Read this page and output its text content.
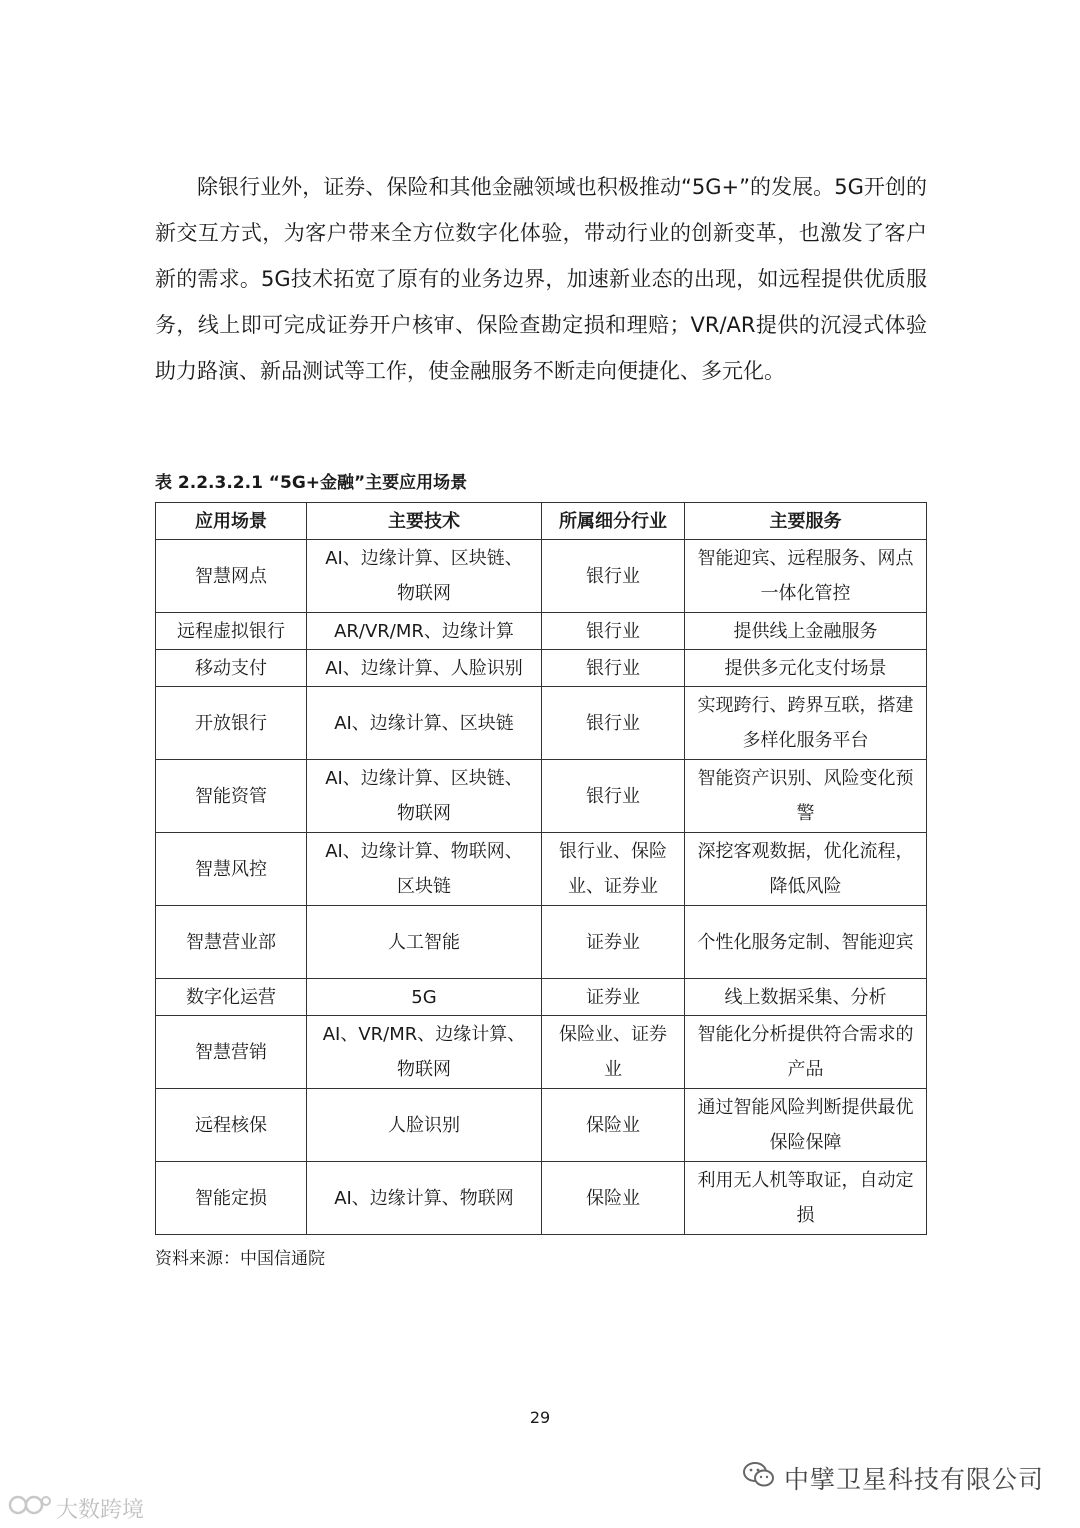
除银行业外，证券、保险和其他金融领域也积极推动“5G+”的发展。5G开创的新交互方式，为客户带来全方位数字化体验，带动行业的创新变革，也激发了客户新的需求。5G技术拓宽了原有的业务边界，加速新业态的出现，如远程提供优质服务，线上即可完成证券开户核审、保险查勘定损和理赔；VR/AR提供的沉浸式体验助力路演、新品测试等工作，使金融服务不断走向便捷化、多元化。

表 2.2.3.2.1 “5G+金融”主要应用场景
应用场景	主要技术	所属细分行业	主要服务
智慧网点	AI、边缘计算、区块链、物联网	银行业	智能迎宾、远程服务、网点一体化管控
远程虚拟银行	AR/VR/MR、边缘计算	银行业	提供线上金融服务
移动支付	AI、边缘计算、人脸识别	银行业	提供多元化支付场景
开放银行	AI、边缘计算、区块链	银行业	实现跨行、跨界互联，搭建多样化服务平台
智能资管	AI、边缘计算、区块链、物联网	银行业	智能资产识别、风险变化预警
智慧风控	AI、边缘计算、物联网、区块链	银行业、保险业、证券业	深挖客观数据，优化流程，降低风险
智慧营业部	人工智能	证券业	个性化服务定制、智能迎宾
数字化运营	5G	证券业	线上数据采集、分析
智慧营销	AI、VR/MR、边缘计算、物联网	保险业、证券业	智能化分析提供符合需求的产品
远程核保	人脸识别	保险业	通过智能风险判断提供最优保险保障
智能定损	AI、边缘计算、物联网	保险业	利用无人机等取证，自动定损
资料来源：中国信通院
29
中擘卫星科技有限公司
大数跨境
